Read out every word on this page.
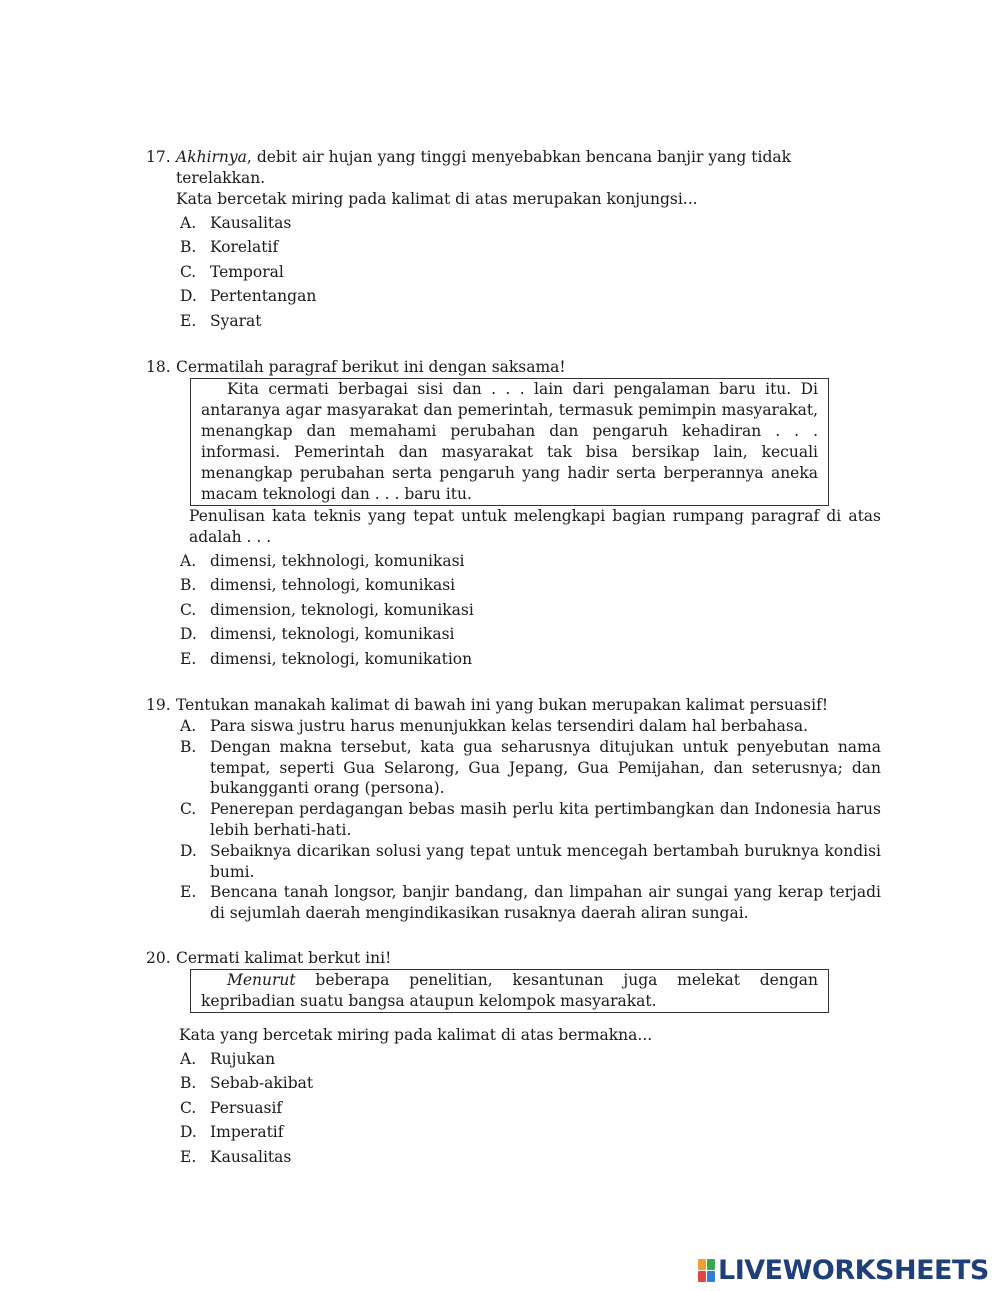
17. Akhirnya, debit air hujan yang tinggi menyebabkan bencana banjir yang tidak terelakkan.
Kata bercetak miring pada kalimat di atas merupakan konjungsi...
A. Kausalitas
B. Korelatif
C. Temporal
D. Pertentangan
E. Syarat
18. Cermatilah paragraf berikut ini dengan saksama!
Kita cermati berbagai sisi dan . . . lain dari pengalaman baru itu. Di antaranya agar masyarakat dan pemerintah, termasuk pemimpin masyarakat, menangkap dan memahami perubahan dan pengaruh kehadiran . . . informasi. Pemerintah dan masyarakat tak bisa bersikap lain, kecuali menangkap perubahan serta pengaruh yang hadir serta berperannya aneka macam teknologi dan . . . baru itu.
Penulisan kata teknis yang tepat untuk melengkapi bagian rumpang paragraf di atas adalah . . .
A. dimensi, tekhnologi, komunikasi
B. dimensi, tehnologi, komunikasi
C. dimension, teknologi, komunikasi
D. dimensi, teknologi, komunikasi
E. dimensi, teknologi, komunikation
19. Tentukan manakah kalimat di bawah ini yang bukan merupakan kalimat persuasif!
A. Para siswa justru harus menunjukkan kelas tersendiri dalam hal berbahasa.
B. Dengan makna tersebut, kata gua seharusnya ditujukan untuk penyebutan nama tempat, seperti Gua Selarong, Gua Jepang, Gua Pemijahan, dan seterusnya; dan bukangganti orang (persona).
C. Penerepan perdagangan bebas masih perlu kita pertimbangkan dan Indonesia harus lebih berhati-hati.
D. Sebaiknya dicarikan solusi yang tepat untuk mencegah bertambah buruknya kondisi bumi.
E. Bencana tanah longsor, banjir bandang, dan limpahan air sungai yang kerap terjadi di sejumlah daerah mengindikasikan rusaknya daerah aliran sungai.
20. Cermati kalimat berkut ini!
Menurut beberapa penelitian, kesantunan juga melekat dengan kepribadian suatu bangsa ataupun kelompok masyarakat.
Kata yang bercetak miring pada kalimat di atas bermakna...
A. Rujukan
B. Sebab-akibat
C. Persuasif
D. Imperatif
E. Kausalitas
LIVEWORKSHEETS
